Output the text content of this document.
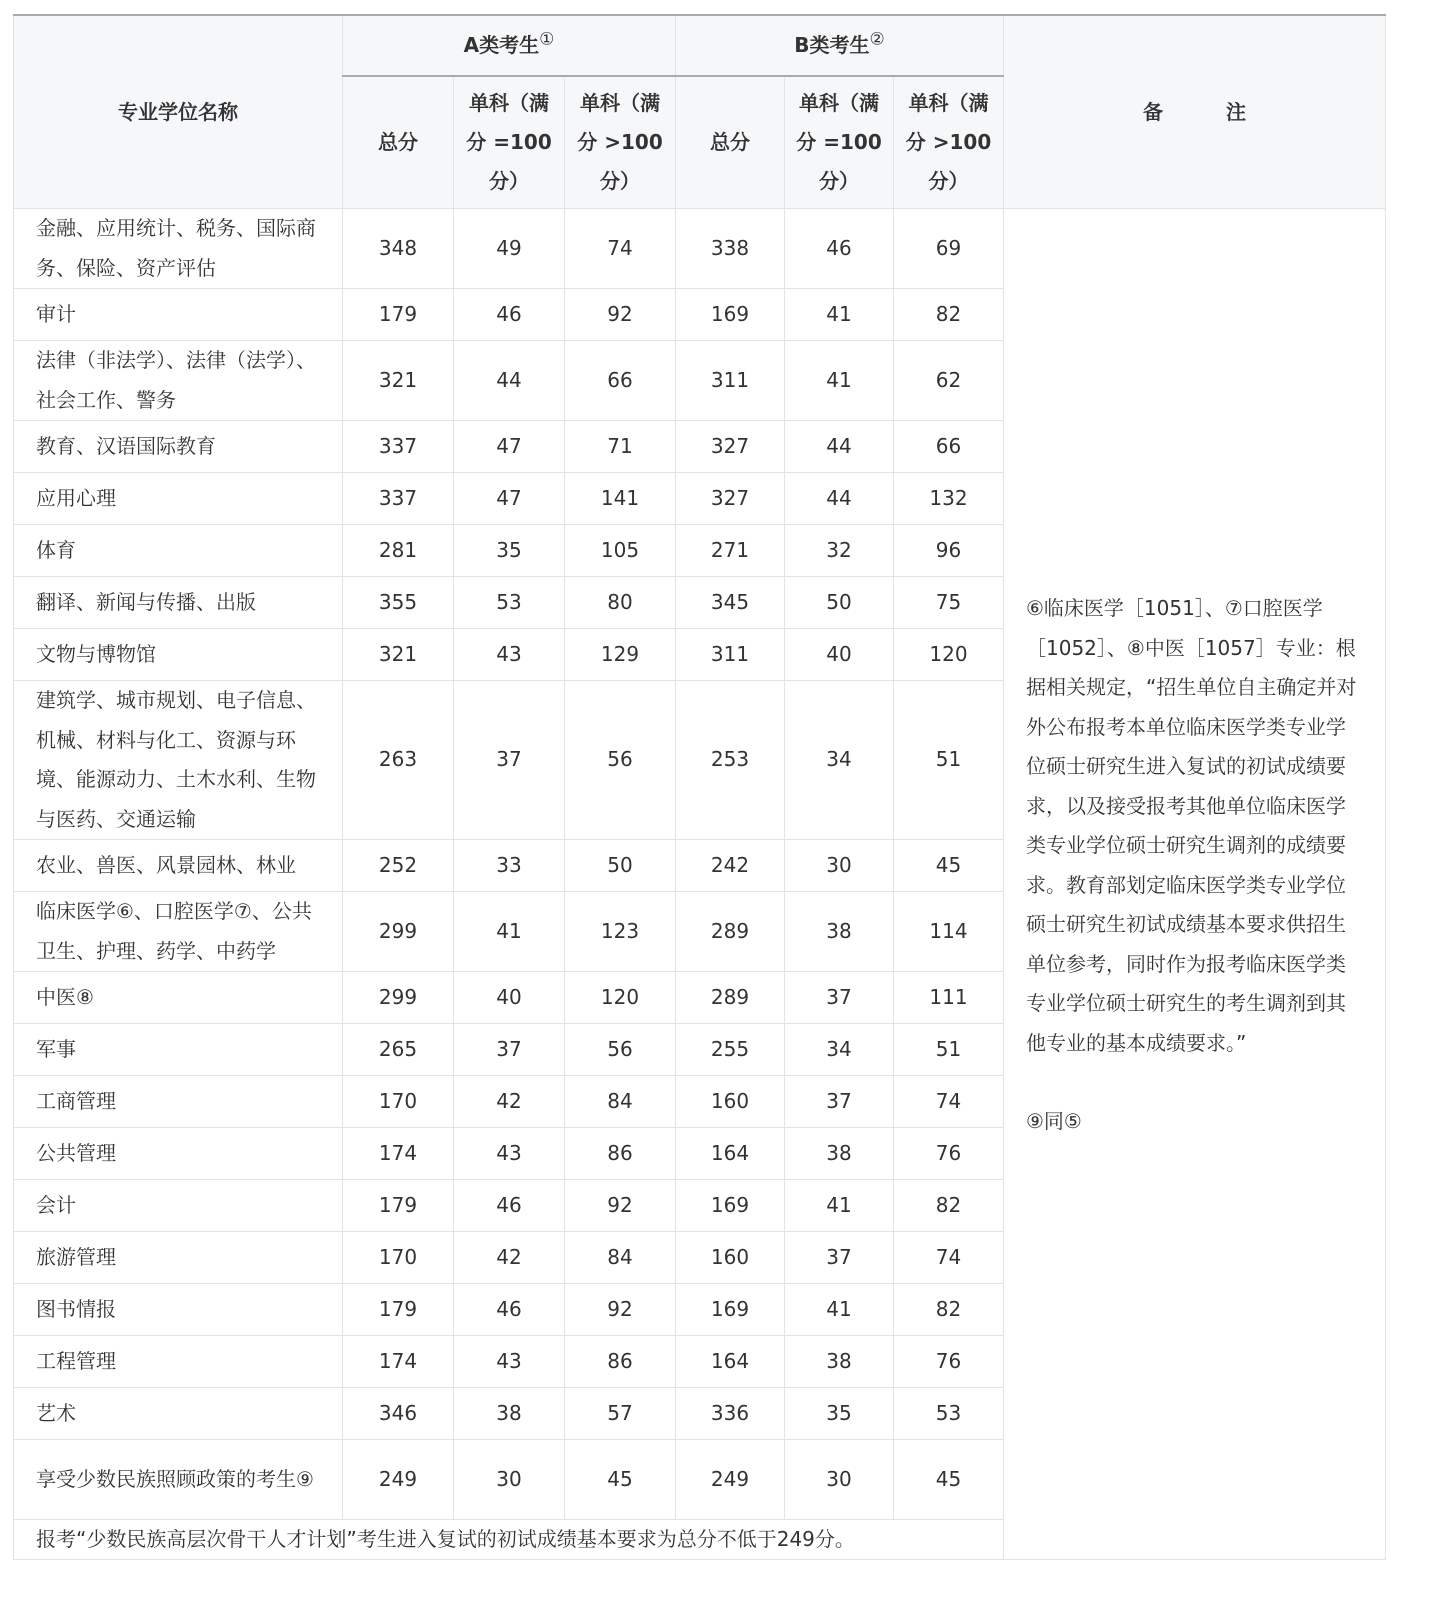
专业学位名称	A类考生①			B类考生②			备 注
	总分	单科（满分 =100分）	单科（满分 >100分）	总分	单科（满分 =100分）	单科（满分 >100分）	
金融、应用统计、税务、国际商务、保险、资产评估	348	49	74	338	46	69	⑥临床医学［1051］、⑦口腔医学［1052］、⑧中医［1057］专业：根据相关规定，“招生单位自主确定并对外公布报考本单位临床医学类专业学位硕士研究生进入复试的初试成绩要求，以及接受报考其他单位临床医学类专业学位硕士研究生调剂的成绩要求。教育部划定临床医学类专业学位硕士研究生初试成绩基本要求供招生单位参考，同时作为报考临床医学类专业学位硕士研究生的考生调剂到其他专业的基本成绩要求。”

⑨同⑤

审计	179	46	92	169	41	82	
法律（非法学）、法律（法学）、社会工作、警务	321	44	66	311	41	62	
教育、汉语国际教育	337	47	71	327	44	66	
应用心理	337	47	141	327	44	132	
体育	281	35	105	271	32	96	
翻译、新闻与传播、出版	355	53	80	345	50	75	
文物与博物馆	321	43	129	311	40	120	
建筑学、城市规划、电子信息、机械、材料与化工、资源与环境、能源动力、土木水利、生物与医药、交通运输	263	37	56	253	34	51	
农业、兽医、风景园林、林业	252	33	50	242	30	45	
临床医学⑥、口腔医学⑦、公共卫生、护理、药学、中药学	299	41	123	289	38	114	
中医⑧	299	40	120	289	37	111	
军事	265	37	56	255	34	51	
工商管理	170	42	84	160	37	74	
公共管理	174	43	86	164	38	76	
会计	179	46	92	169	41	82	
旅游管理	170	42	84	160	37	74	
图书情报	179	46	92	169	41	82	
工程管理	174	43	86	164	38	76	
艺术	346	38	57	336	35	53	
享受少数民族照顾政策的考生⑨	249	30	45	249	30	45	
报考“少数民族高层次骨干人才计划”考生进入复试的初试成绩基本要求为总分不低于249分。							
